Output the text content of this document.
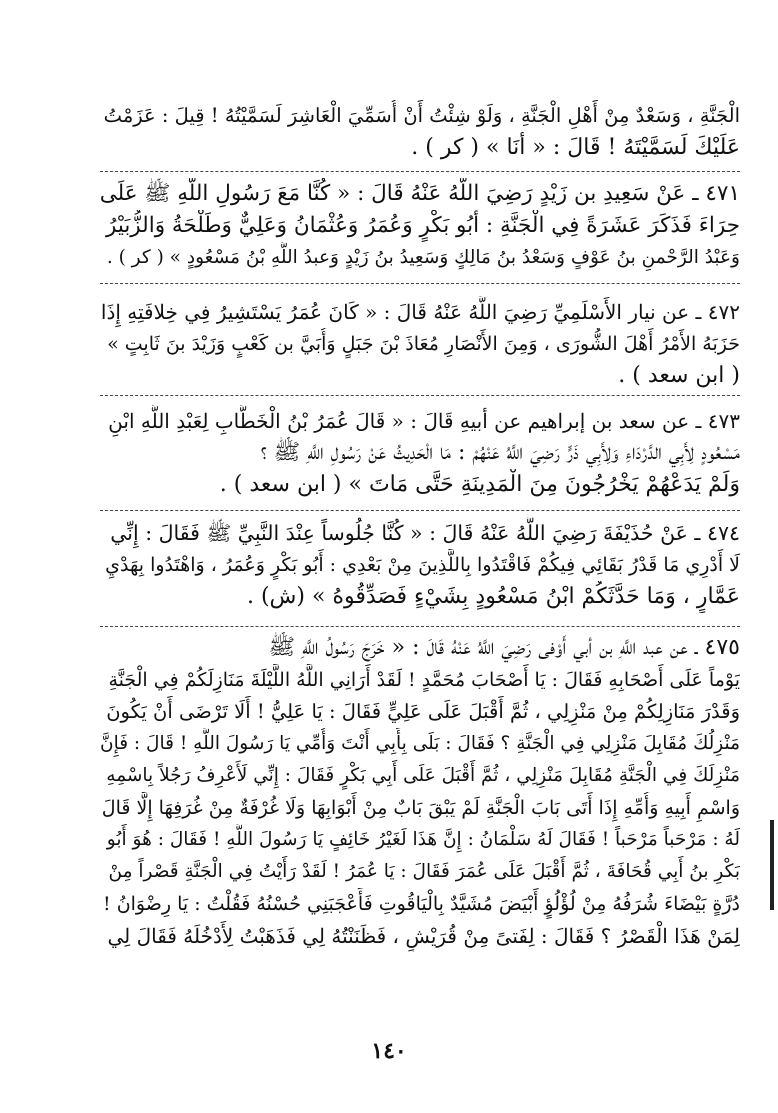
الْجَنَّةِ ، وَسَعْدٌ مِنْ أَهْلِ الْجَنَّةِ ، وَلَوْ شِئْتُ أَنْ أُسَمِّيَ الْعَاشِرَ لَسَمَّيْتُهُ ! قِيلَ : عَزَمْتُ
عَلَيْكَ لَسَمَّيْتَهُ ! قَالَ : « أَنَا » ( كر ) .
٤٧١ ـ عَنْ سَعِيدِ بن زَيْدٍ رَضِيَ اللَّهُ عَنْهُ قَالَ : « كُنَّا مَعَ رَسُولِ اللَّهِ ﷺ عَلَى
حِرَاءَ فَذَكَرَ عَشَرَةً فِي الْجَنَّةِ : أَبُو بَكْرٍ وَعُمَرُ وَعُثْمَانُ وَعَلِيٌّ وَطَلْحَةُ وَالزُّبَيْرُ
وَعَبْدُ الرَّحْمنِ بنُ عَوْفٍ وَسَعْدُ بنُ مَالِكٍ وَسَعِيدُ بنُ زَيْدٍ وَعبدُ اللَّهِ بْنُ مَسْعُودٍ » ( كر ) .
٤٧٢ ـ عن نيار الأَسْلَمِيِّ رَضِيَ اللَّهُ عَنْهُ قَالَ : « كَانَ عُمَرُ يَسْتَشِيرُ فِي خِلافَتِهِ إِذَا
حَزَبَهُ الأَمْرُ أَهْلَ الشُّورَى ، وَمِنَ الأَنْصَارِ مُعَاذَ بْنَ جَبَلٍ وَأُبَيَّ بن كَعْبٍ وَزَيْدَ بنَ ثَابِتٍ »
( ابن سعد ) .
٤٧٣ ـ عن سعد بن إبراهيم عن أبيهِ قَالَ : « قَالَ عُمَرُ بْنُ الْخَطَّابِ لِعَبْدِ اللَّهِ ابْنِ
مَسْعُودٍ لِأَبِي الدَّرْدَاءِ وَلِأَبِي ذَرٍّ رَضِيَ اللَّهُ عَنْهُمْ : مَا الْحَدِيثُ عَنْ رَسُولِ اللَّهِ ﷺ ؟
وَلَمْ يَدَعْهُمْ يَخْرُجُونَ مِنَ الْمَدِينَةِ حَتَّى مَاتَ » ( ابن سعد ) .
٤٧٤ ـ عَنْ حُذَيْفَةَ رَضِيَ اللَّهُ عَنْهُ قَالَ : « كُنَّا جُلُوساً عِنْدَ النَّبِيِّ ﷺ فَقَالَ : إِنِّي
لَا أَدْرِي مَا قَدْرُ بَقَائِي فِيكُمْ فَاقْتَدُوا بِاللَّذِينَ مِنْ بَعْدِي : أَبُو بَكْرٍ وَعُمَرُ ، وَاهْتَدُوا بِهَدْيِ
عَمَّارٍ ، وَمَا حَدَّثَكُمْ ابْنُ مَسْعُودٍ بِشَيْءٍ فَصَدِّقُوهُ » (ش) .
٤٧٥ ـ عن عبد اللَّهِ بن أبي أَوْفى رَضِيَ اللَّهُ عَنْهُ قَالَ : « خَرَجَ رَسُولُ اللَّهِ ﷺ
يَوْماً عَلَى أَصْحَابِهِ فَقَالَ : يَا أَصْحَابَ مُحَمَّدٍ ! لَقَدْ أَرَانِي اللَّهُ اللَّيْلَةَ مَنَازِلَكُمْ فِي الْجَنَّةِ
وَقَدْرَ مَنَازِلِكُمْ مِنْ مَنْزِلِي ، ثُمَّ أَقْبَلَ عَلَى عَلِيٍّ فَقَالَ : يَا عَلِيُّ ! أَلَا تَرْضَى أَنْ يَكُونَ
مَنْزِلُكَ مُقَابِلَ مَنْزِلِي فِي الْجَنَّةِ ؟ فَقَالَ : بَلَى بِأَبِي أَنْتَ وَأُمِّي يَا رَسُولَ اللَّهِ ! قَالَ : فَإِنَّ
مَنْزِلَكَ فِي الْجَنَّةِ مُقَابِلَ مَنْزِلِي ، ثُمَّ أَقْبَلَ عَلَى أَبِي بَكْرٍ فَقَالَ : إِنِّي لَأَعْرِفُ رَجُلاً بِاسْمِهِ
وَاسْمِ أَبِيهِ وَأُمِّهِ إِذَا أَتَى بَابَ الْجَنَّةِ لَمْ يَبْقَ بَابٌ مِنْ أَبْوَابِهَا وَلَا غُرْفَةٌ مِنْ غُرَفِهَا إِلَّا قَالَ
لَهُ : مَرْحَباً مَرْحَباً ! فَقَالَ لَهُ سَلْمَانُ : إِنَّ هَذَا لَغَيْرُ خَائِفٍ يَا رَسُولَ اللَّهِ ! فَقَالَ : هُوَ أَبُو
بَكْرِ بنُ أَبِي قُحَافَةَ ، ثُمَّ أَقْبَلَ عَلَى عُمَرَ فَقَالَ : يَا عُمَرُ ! لَقَدْ رَأَيْتُ فِي الْجَنَّةِ قَصْراً مِنْ
دُرَّةٍ بَيْضَاءَ شُرَفُهُ مِنْ لُؤْلُؤٍ أَبْيَضَ مُشَيَّدٌ بِالْيَاقُوتِ فَأَعْجَبَنِي حُسْنُهُ فَقُلْتُ : يَا رِضْوَانُ !
لِمَنْ هَذَا الْقَصْرُ ؟ فَقَالَ : لِفَتىً مِنْ قُرَيْشٍ ، فَظَنَنْتُهُ لِي فَذَهَبْتُ لِأَدْخُلَهُ فَقَالَ لِي
١٤٠
